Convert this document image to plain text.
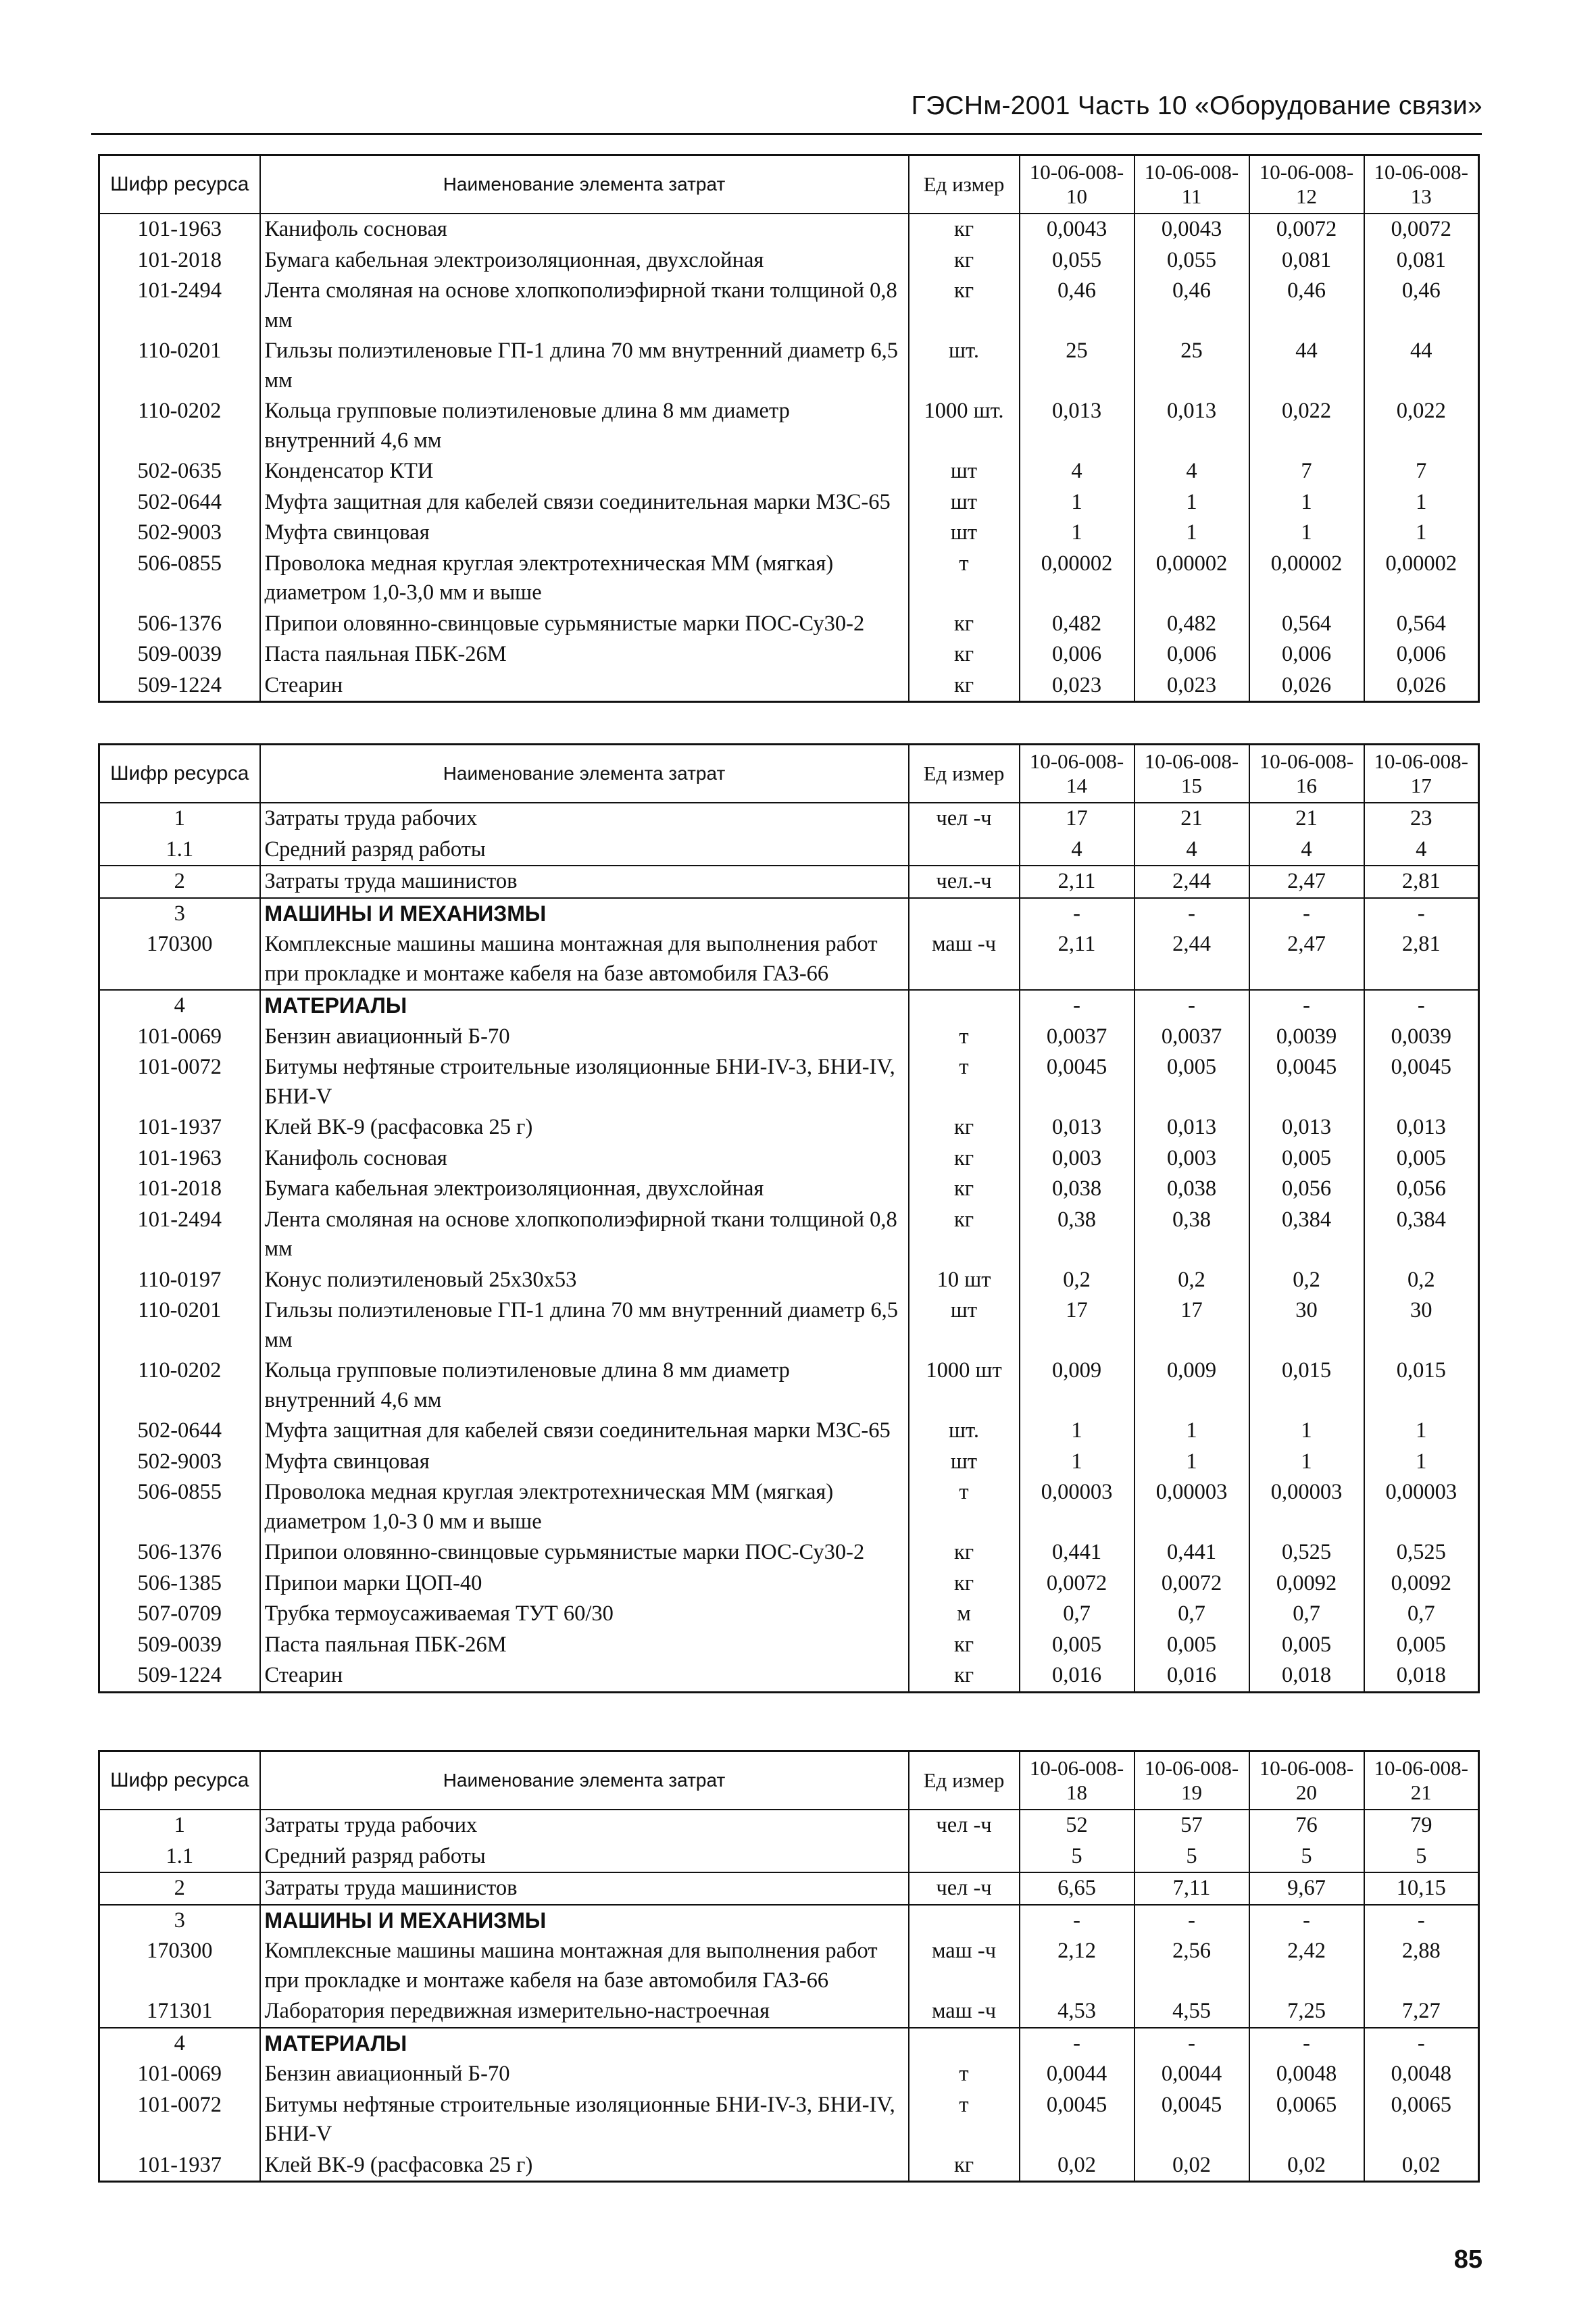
ГЭСНм-2001 Часть 10 «Оборудование связи»
Шифр ресурса	Наименование элемента затрат	Ед измер	10-06-008-10	10-06-008-11	10-06-008-12	10-06-008-13
101-1963	Канифоль сосновая	кг	0,0043	0,0043	0,0072	0,0072
101-2018	Бумага кабельная электроизоляционная, двухслойная	кг	0,055	0,055	0,081	0,081
101-2494	Лента смоляная на основе хлопкополиэфирной ткани толщиной 0,8 мм	кг	0,46	0,46	0,46	0,46
110-0201	Гильзы полиэтиленовые ГП-1 длина 70 мм внутренний диаметр 6,5 мм	шт.	25	25	44	44
110-0202	Кольца групповые полиэтиленовые длина 8 мм диаметр внутренний 4,6 мм	1000 шт.	0,013	0,013	0,022	0,022
502-0635	Конденсатор КТИ	шт	4	4	7	7
502-0644	Муфта защитная для кабелей связи соединительная марки МЗС-65	шт	1	1	1	1
502-9003	Муфта свинцовая	шт	1	1	1	1
506-0855	Проволока медная круглая электротехническая ММ (мягкая) диаметром 1,0-3,0 мм и выше	т	0,00002	0,00002	0,00002	0,00002
506-1376	Припои оловянно-свинцовые сурьмянистые марки ПОС-Су30-2	кг	0,482	0,482	0,564	0,564
509-0039	Паста паяльная ПБК-26М	кг	0,006	0,006	0,006	0,006
509-1224	Стеарин	кг	0,023	0,023	0,026	0,026
Шифр ресурса	Наименование элемента затрат	Ед измер	10-06-008-14	10-06-008-15	10-06-008-16	10-06-008-17
1	Затраты труда рабочих	чел -ч	17	21	21	23
1.1	Средний разряд работы		4	4	4	4
2	Затраты труда машинистов	чел.-ч	2,11	2,44	2,47	2,81
3	МАШИНЫ И МЕХАНИЗМЫ		-	-	-	-
170300	Комплексные машины машина монтажная для выполнения работ при прокладке и монтаже кабеля на базе автомобиля ГАЗ-66	маш -ч	2,11	2,44	2,47	2,81
4	МАТЕРИАЛЫ		-	-	-	-
101-0069	Бензин авиационный Б-70	т	0,0037	0,0037	0,0039	0,0039
101-0072	Битумы нефтяные строительные изоляционные БНИ-IV-3, БНИ-IV, БНИ-V	т	0,0045	0,005	0,0045	0,0045
101-1937	Клей ВК-9 (расфасовка 25 г)	кг	0,013	0,013	0,013	0,013
101-1963	Канифоль сосновая	кг	0,003	0,003	0,005	0,005
101-2018	Бумага кабельная электроизоляционная, двухслойная	кг	0,038	0,038	0,056	0,056
101-2494	Лента смоляная на основе хлопкополиэфирной ткани толщиной 0,8 мм	кг	0,38	0,38	0,384	0,384
110-0197	Конус полиэтиленовый 25х30х53	10 шт	0,2	0,2	0,2	0,2
110-0201	Гильзы полиэтиленовые ГП-1 длина 70 мм внутренний диаметр 6,5 мм	шт	17	17	30	30
110-0202	Кольца групповые полиэтиленовые длина 8 мм диаметр внутренний 4,6 мм	1000 шт	0,009	0,009	0,015	0,015
502-0644	Муфта защитная для кабелей связи соединительная марки МЗС-65	шт.	1	1	1	1
502-9003	Муфта свинцовая	шт	1	1	1	1
506-0855	Проволока медная круглая электротехническая ММ (мягкая) диаметром 1,0-3 0 мм и выше	т	0,00003	0,00003	0,00003	0,00003
506-1376	Припои оловянно-свинцовые сурьмянистые марки ПОС-Су30-2	кг	0,441	0,441	0,525	0,525
506-1385	Припои марки ЦОП-40	кг	0,0072	0,0072	0,0092	0,0092
507-0709	Трубка термоусаживаемая ТУТ 60/30	м	0,7	0,7	0,7	0,7
509-0039	Паста паяльная ПБК-26М	кг	0,005	0,005	0,005	0,005
509-1224	Стеарин	кг	0,016	0,016	0,018	0,018
Шифр ресурса	Наименование элемента затрат	Ед измер	10-06-008-18	10-06-008-19	10-06-008-20	10-06-008-21
1	Затраты труда рабочих	чел -ч	52	57	76	79
1.1	Средний разряд работы		5	5	5	5
2	Затраты труда машинистов	чел -ч	6,65	7,11	9,67	10,15
3	МАШИНЫ И МЕХАНИЗМЫ		-	-	-	-
170300	Комплексные машины машина монтажная для выполнения работ при прокладке и монтаже кабеля на базе автомобиля ГАЗ-66	маш -ч	2,12	2,56	2,42	2,88
171301	Лаборатория передвижная измерительно-настроечная	маш -ч	4,53	4,55	7,25	7,27
4	МАТЕРИАЛЫ		-	-	-	-
101-0069	Бензин авиационный Б-70	т	0,0044	0,0044	0,0048	0,0048
101-0072	Битумы нефтяные строительные изоляционные БНИ-IV-3, БНИ-IV, БНИ-V	т	0,0045	0,0045	0,0065	0,0065
101-1937	Клей ВК-9 (расфасовка 25 г)	кг	0,02	0,02	0,02	0,02
85
